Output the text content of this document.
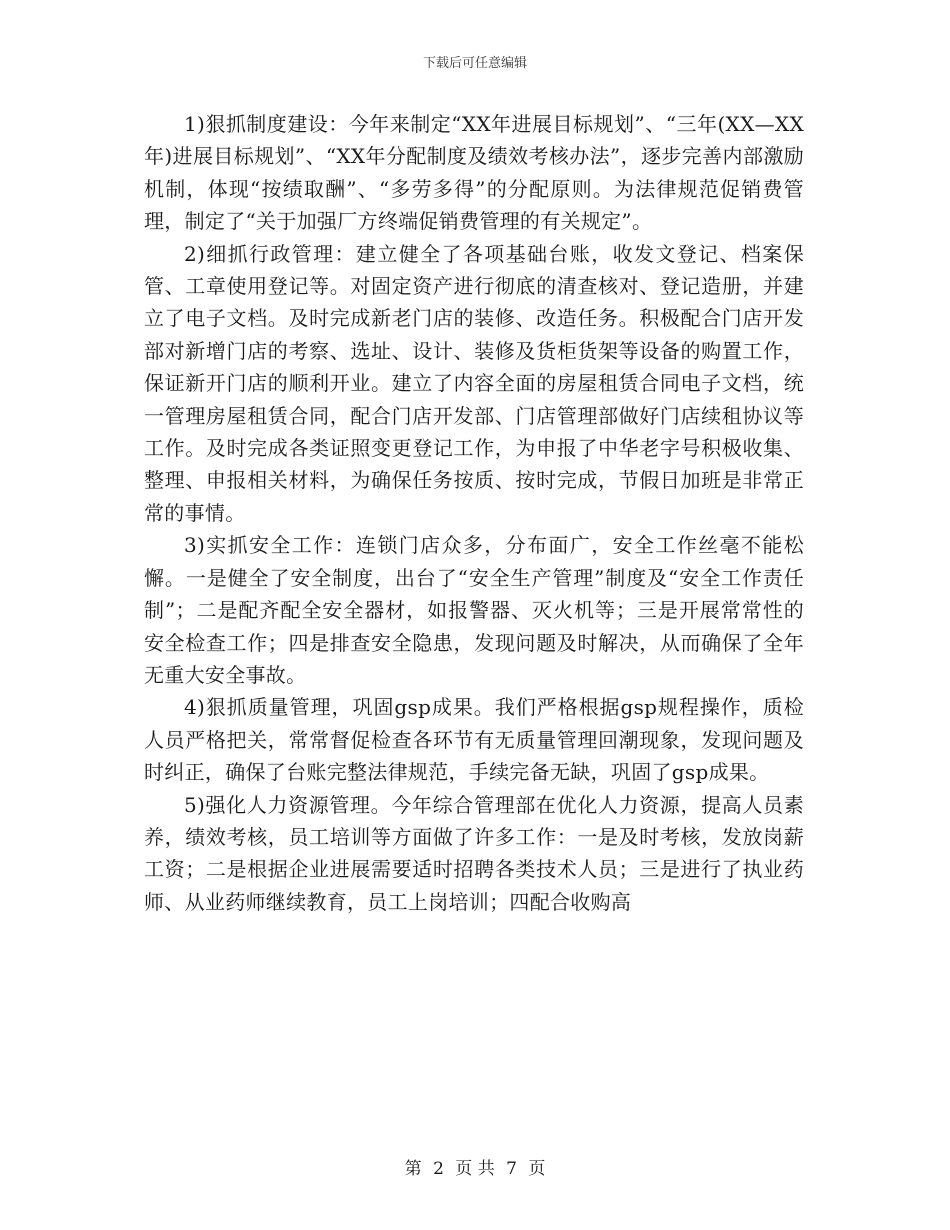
下载后可任意编辑

1)狠抓制度建设：今年来制定“XX年进展目标规划”、“三年(XX—XX年)进展目标规划”、“XX年分配制度及绩效考核办法”，逐步完善内部激励机制，体现“按绩取酬”、“多劳多得”的分配原则。为法律规范促销费管理，制定了“关于加强厂方终端促销费管理的有关规定”。

2)细抓行政管理：建立健全了各项基础台账，收发文登记、档案保管、工章使用登记等。对固定资产进行彻底的清查核对、登记造册，并建立了电子文档。及时完成新老门店的装修、改造任务。积极配合门店开发部对新增门店的考察、选址、设计、装修及货柜货架等设备的购置工作，保证新开门店的顺利开业。建立了内容全面的房屋租赁合同电子文档，统一管理房屋租赁合同，配合门店开发部、门店管理部做好门店续租协议等工作。及时完成各类证照变更登记工作，为申报了中华老字号积极收集、整理、申报相关材料，为确保任务按质、按时完成，节假日加班是非常正常的事情。

3)实抓安全工作：连锁门店众多，分布面广，安全工作丝毫不能松懈。一是健全了安全制度，出台了“安全生产管理”制度及“安全工作责任制”；二是配齐配全安全器材，如报警器、灭火机等；三是开展常常性的安全检查工作；四是排查安全隐患，发现问题及时解决，从而确保了全年无重大安全事故。

4)狠抓质量管理，巩固gsp成果。我们严格根据gsp规程操作，质检人员严格把关，常常督促检查各环节有无质量管理回潮现象，发现问题及时纠正，确保了台账完整法律规范，手续完备无缺，巩固了gsp成果。

5)强化人力资源管理。今年综合管理部在优化人力资源，提高人员素养，绩效考核，员工培训等方面做了许多工作：一是及时考核，发放岗薪工资；二是根据企业进展需要适时招聘各类技术人员；三是进行了执业药师、从业药师继续教育，员工上岗培训；四配合收购高

第 2 页 共 7 页
